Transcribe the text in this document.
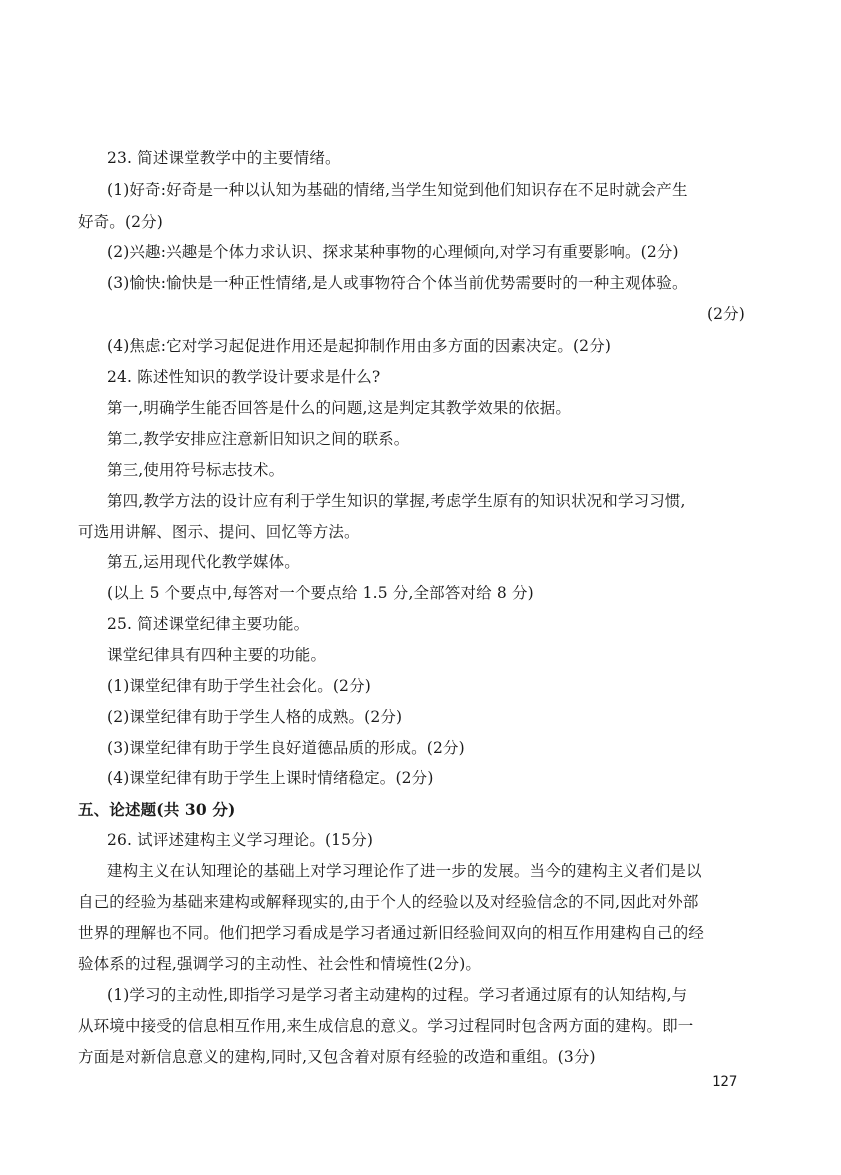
23. 简述课堂教学中的主要情绪。
(1)好奇:好奇是一种以认知为基础的情绪,当学生知觉到他们知识存在不足时就会产生
好奇。(2分)
(2)兴趣:兴趣是个体力求认识、探求某种事物的心理倾向,对学习有重要影响。(2分)
(3)愉快:愉快是一种正性情绪,是人或事物符合个体当前优势需要时的一种主观体验。
(2分)
(4)焦虑:它对学习起促进作用还是起抑制作用由多方面的因素决定。(2分)
24. 陈述性知识的教学设计要求是什么?
第一,明确学生能否回答是什么的问题,这是判定其教学效果的依据。
第二,教学安排应注意新旧知识之间的联系。
第三,使用符号标志技术。
第四,教学方法的设计应有利于学生知识的掌握,考虑学生原有的知识状况和学习习惯,
可选用讲解、图示、提问、回忆等方法。
第五,运用现代化教学媒体。
(以上 5 个要点中,每答对一个要点给 1.5 分,全部答对给 8 分)
25. 简述课堂纪律主要功能。
课堂纪律具有四种主要的功能。
(1)课堂纪律有助于学生社会化。(2分)
(2)课堂纪律有助于学生人格的成熟。(2分)
(3)课堂纪律有助于学生良好道德品质的形成。(2分)
(4)课堂纪律有助于学生上课时情绪稳定。(2分)
五、论述题(共 30 分)
26. 试评述建构主义学习理论。(15分)
建构主义在认知理论的基础上对学习理论作了进一步的发展。当今的建构主义者们是以
自己的经验为基础来建构或解释现实的,由于个人的经验以及对经验信念的不同,因此对外部
世界的理解也不同。他们把学习看成是学习者通过新旧经验间双向的相互作用建构自己的经
验体系的过程,强调学习的主动性、社会性和情境性(2分)。
(1)学习的主动性,即指学习是学习者主动建构的过程。学习者通过原有的认知结构,与
从环境中接受的信息相互作用,来生成信息的意义。学习过程同时包含两方面的建构。即一
方面是对新信息意义的建构,同时,又包含着对原有经验的改造和重组。(3分)
127
